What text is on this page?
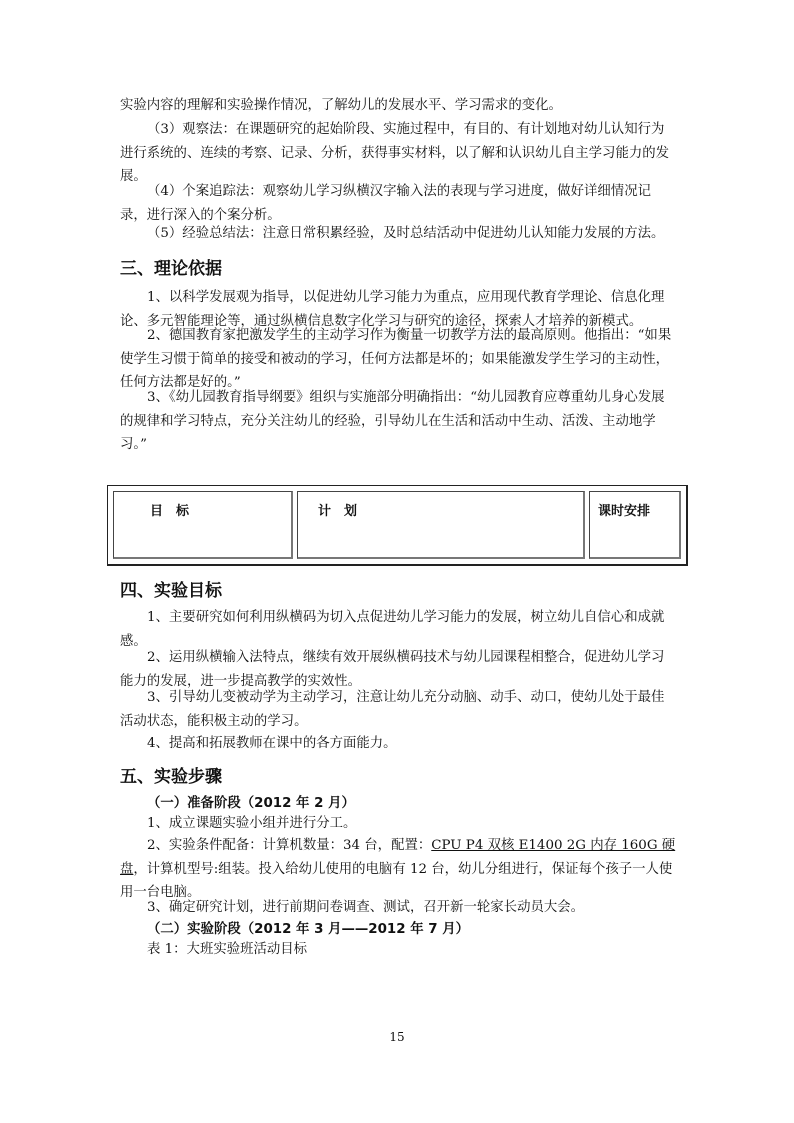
实验内容的理解和实验操作情况，了解幼儿的发展水平、学习需求的变化。

（3）观察法：在课题研究的起始阶段、实施过程中，有目的、有计划地对幼儿认知行为进行系统的、连续的考察、记录、分析，获得事实材料，以了解和认识幼儿自主学习能力的发展。

（4）个案追踪法：观察幼儿学习纵横汉字输入法的表现与学习进度，做好详细情况记录，进行深入的个案分析。

（5）经验总结法：注意日常积累经验，及时总结活动中促进幼儿认知能力发展的方法。

三、理论依据

1、以科学发展观为指导，以促进幼儿学习能力为重点，应用现代教育学理论、信息化理论、多元智能理论等，通过纵横信息数字化学习与研究的途径，探索人才培养的新模式。

2、德国教育家把激发学生的主动学习作为衡量一切教学方法的最高原则。他指出：“如果使学生习惯于简单的接受和被动的学习，任何方法都是坏的；如果能激发学生学习的主动性，任何方法都是好的。”

3、《幼儿园教育指导纲要》组织与实施部分明确指出：“幼儿园教育应尊重幼儿身心发展的规律和学习特点，充分关注幼儿的经验，引导幼儿在生活和活动中生动、活泼、主动地学习。”

目　标	计　划	课时安排
四、实验目标

1、主要研究如何利用纵横码为切入点促进幼儿学习能力的发展，树立幼儿自信心和成就感。

2、运用纵横输入法特点，继续有效开展纵横码技术与幼儿园课程相整合，促进幼儿学习能力的发展，进一步提高教学的实效性。

3、引导幼儿变被动学为主动学习，注意让幼儿充分动脑、动手、动口，使幼儿处于最佳活动状态，能积极主动的学习。

4、提高和拓展教师在课中的各方面能力。

五、实验步骤

（一）准备阶段（2012 年 2 月）

1、成立课题实验小组并进行分工。

2、实验条件配备：计算机数量：34 台，配置：CPU P4 双核 E1400 2G 内存 160G 硬盘，计算机型号:组装。投入给幼儿使用的电脑有 12 台，幼儿分组进行，保证每个孩子一人使用一台电脑。

3、确定研究计划，进行前期问卷调查、测试，召开新一轮家长动员大会。

（二）实验阶段（2012 年 3 月——2012 年 7 月）

表 1：大班实验班活动目标

15
